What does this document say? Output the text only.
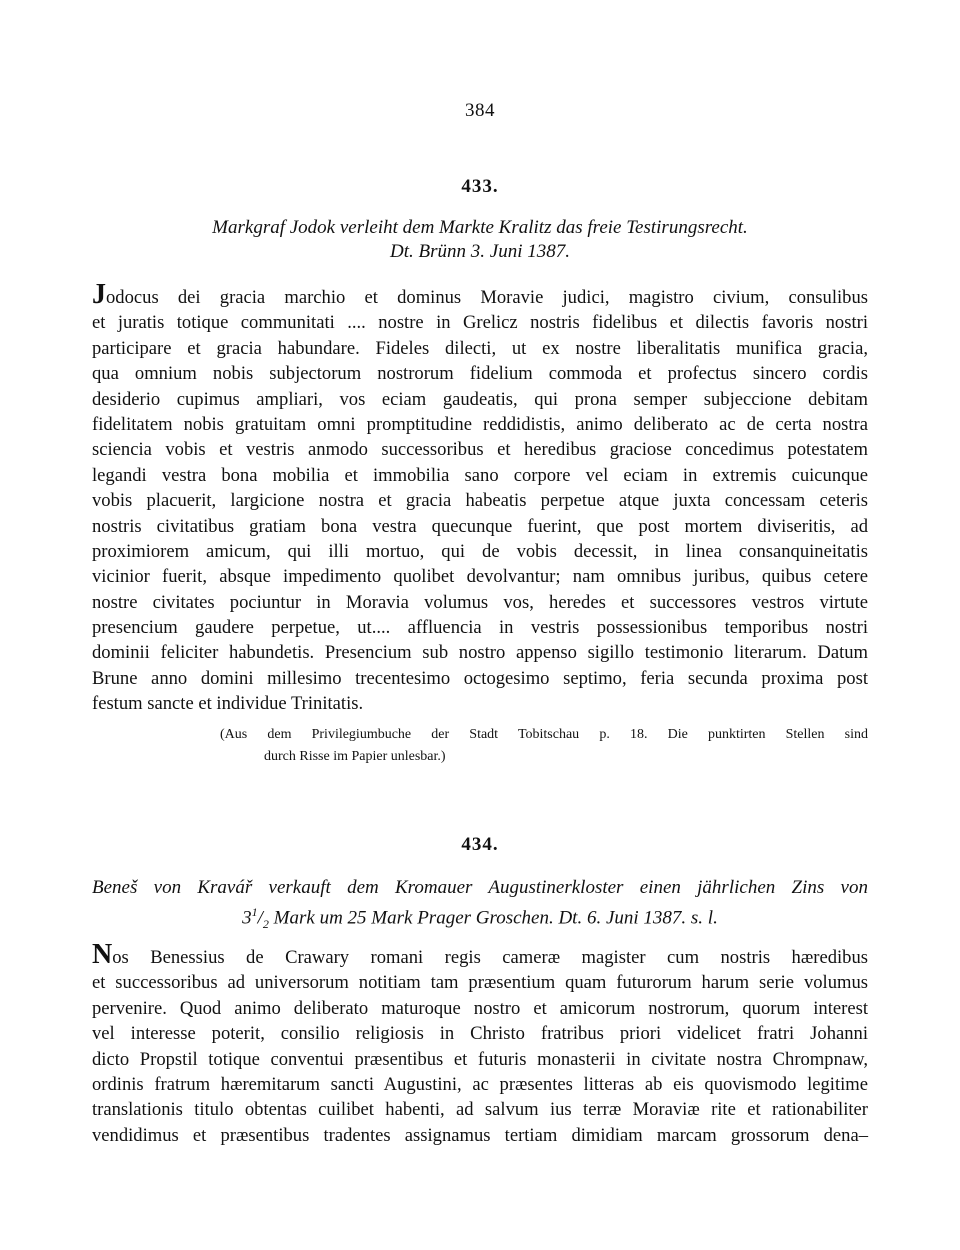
384
433.
Markgraf Jodok verleiht dem Markte Kralitz das freie Testirungsrecht.
Dt. Brünn 3. Juni 1387.
Jodocus dei gracia marchio et dominus Moravie judici, magistro civium, consulibus
et juratis totique communitati .... nostre in Grelicz nostris fidelibus et dilectis favoris nostri
participare et gracia habundare. Fideles dilecti, ut ex nostre liberalitatis munifica gracia,
qua omnium nobis subjectorum nostrorum fidelium commoda et profectus sincero cordis
desiderio cupimus ampliari, vos eciam gaudeatis, qui prona semper subjeccione debitam
fidelitatem nobis gratuitam omni promptitudine reddidistis, animo deliberato ac de certa nostra
sciencia vobis et vestris anmodo successoribus et heredibus graciose concedimus potestatem
legandi vestra bona mobilia et immobilia sano corpore vel eciam in extremis cuicunque
vobis placuerit, largicione nostra et gracia habeatis perpetue atque juxta concessam ceteris
nostris civitatibus gratiam bona vestra quecunque fuerint, que post mortem diviseritis, ad
proximiorem amicum, qui illi mortuo, qui de vobis decessit, in linea consanquineitatis
vicinior fuerit, absque impedimento quolibet devolvantur; nam omnibus juribus, quibus cetere
nostre civitates pociuntur in Moravia volumus vos, heredes et successores vestros virtute
presencium gaudere perpetue, ut.... affluencia in vestris possessionibus temporibus nostri
dominii feliciter habundetis. Presencium sub nostro appenso sigillo testimonio literarum. Datum
Brune anno domini millesimo trecentesimo octogesimo septimo, feria secunda proxima post
festum sancte et individue Trinitatis.
(Aus dem Privilegiumbuche der Stadt Tobitschau p. 18. Die punktirten Stellen sind
durch Risse im Papier unlesbar.)
434.
Beneš von Kravář verkauft dem Kromauer Augustinerkloster einen jährlichen Zins von
$3^1/_2$ Mark um 25 Mark Prager Groschen. Dt. 6. Juni 1387. s. l.
Nos Benessius de Crawary romani regis cameræ magister cum nostris hæredibus
et successoribus ad universorum notitiam tam præsentium quam futurorum harum serie volumus
pervenire. Quod animo deliberato maturoque nostro et amicorum nostrorum, quorum interest
vel interesse poterit, consilio religiosis in Christo fratribus priori videlicet fratri Johanni
dicto Propstil totique conventui præsentibus et futuris monasterii in civitate nostra Chrompnaw,
ordinis fratrum hæremitarum sancti Augustini, ac præsentes litteras ab eis quovismodo legitime
translationis titulo obtentas cuilibet habenti, ad salvum ius terræ Moraviæ rite et rationabiliter
vendidimus et præsentibus tradentes assignamus tertiam dimidiam marcam grossorum dena–
